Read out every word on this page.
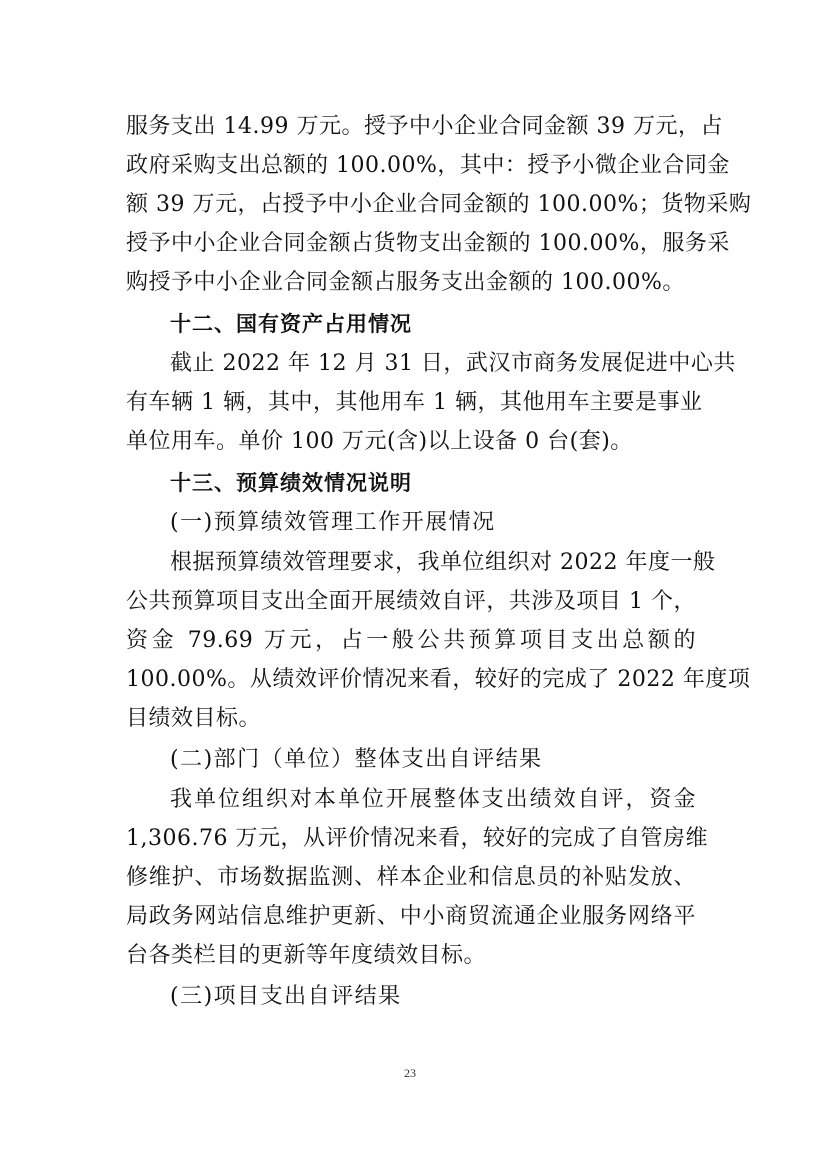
服务支出 14.99 万元。授予中小企业合同金额 39 万元，占
政府采购支出总额的 100.00%，其中：授予小微企业合同金
额 39 万元，占授予中小企业合同金额的 100.00%；货物采购
授予中小企业合同金额占货物支出金额的 100.00%，服务采
购授予中小企业合同金额占服务支出金额的 100.00%。
十二、国有资产占用情况
截止 2022 年 12 月 31 日，武汉市商务发展促进中心共
有车辆 1 辆，其中，其他用车 1 辆，其他用车主要是事业
单位用车。单价 100 万元(含)以上设备 0 台(套)。
十三、预算绩效情况说明
(一)预算绩效管理工作开展情况
根据预算绩效管理要求，我单位组织对 2022 年度一般
公共预算项目支出全面开展绩效自评，共涉及项目 1 个，
资金 79.69 万元，占一般公共预算项目支出总额的
100.00%。从绩效评价情况来看，较好的完成了 2022 年度项
目绩效目标。
(二)部门（单位）整体支出自评结果
我单位组织对本单位开展整体支出绩效自评，资金
1,306.76 万元，从评价情况来看，较好的完成了自管房维
修维护、市场数据监测、样本企业和信息员的补贴发放、
局政务网站信息维护更新、中小商贸流通企业服务网络平
台各类栏目的更新等年度绩效目标。
(三)项目支出自评结果
23
